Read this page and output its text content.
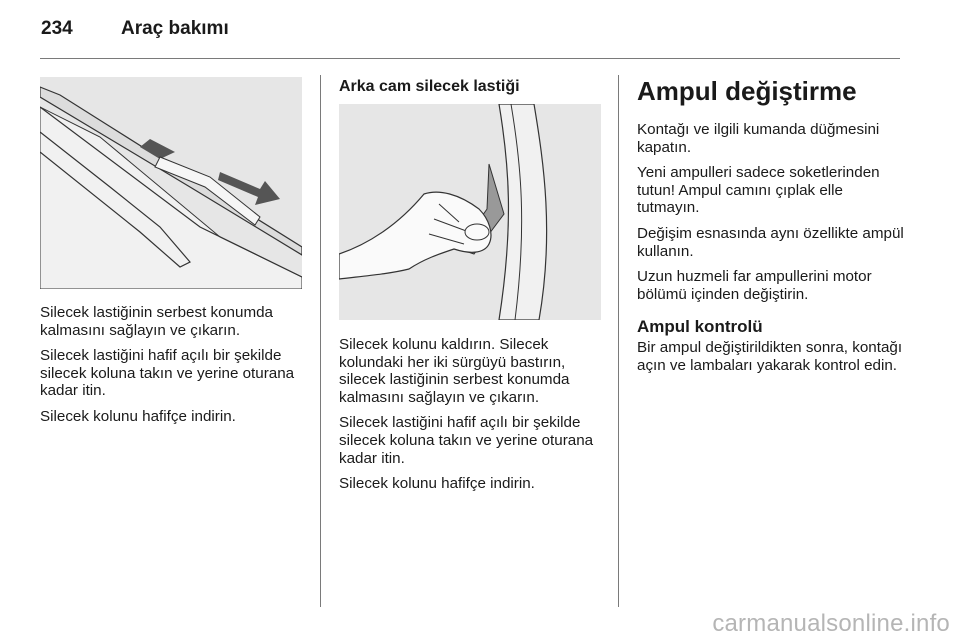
234	Araç bakımı

Silecek lastiğinin serbest konumda kalmasını sağlayın ve çıkarın.

Silecek lastiğini hafif açılı bir şekilde silecek koluna takın ve yerine oturana kadar itin.

Silecek kolunu hafifçe indirin.

Arka cam silecek lastiği

Silecek kolunu kaldırın. Silecek kolundaki her iki sürgüyü bastırın, silecek lastiğinin serbest konumda kalmasını sağlayın ve çıkarın.

Silecek lastiğini hafif açılı bir şekilde silecek koluna takın ve yerine oturana kadar itin.

Silecek kolunu hafifçe indirin.

Ampul değiştirme

Kontağı ve ilgili kumanda düğmesini kapatın.

Yeni ampulleri sadece soketlerinden tutun! Ampul camını çıplak elle tutmayın.

Değişim esnasında aynı özellikte ampül kullanın.

Uzun huzmeli far ampullerini motor bölümü içinden değiştirin.

Ampul kontrolü

Bir ampul değiştirildikten sonra, kontağı açın ve lambaları yakarak kontrol edin.

carmanualsonline.info
